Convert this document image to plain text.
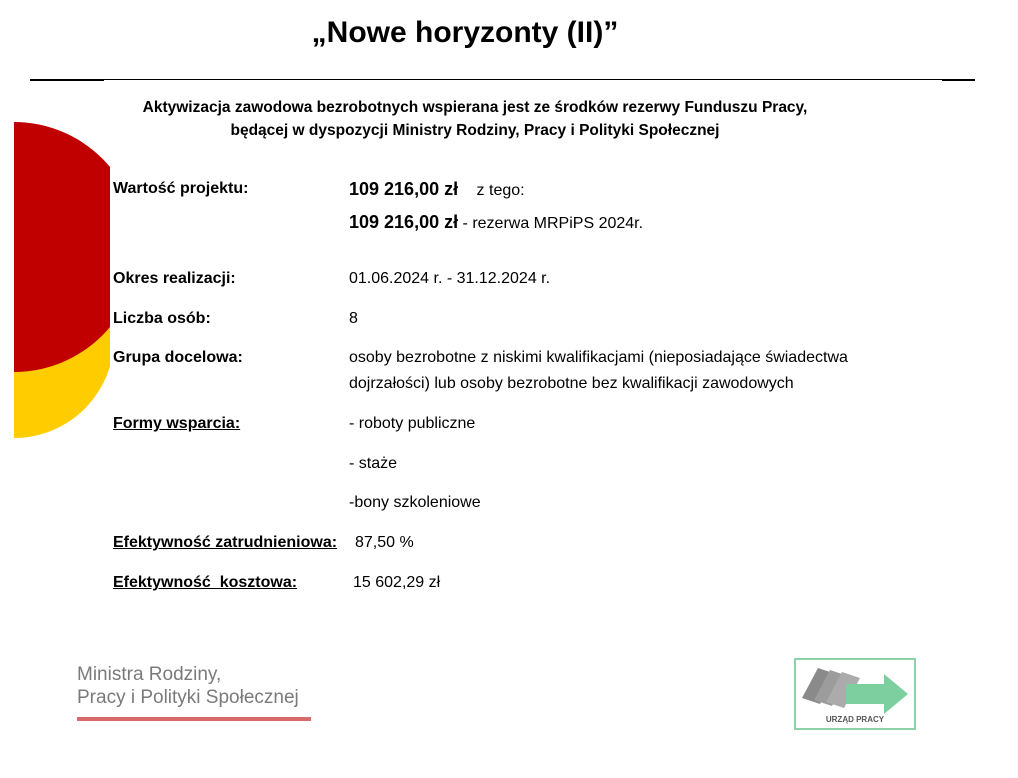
„Nowe horyzonty (II)”
Aktywizacja zawodowa bezrobotnych wspierana jest ze środków rezerwy Funduszu Pracy,
będącej w dyspozycji Ministry Rodziny, Pracy i Polityki Społecznej
Wartość projektu:	109 216,00 zł z tego:
109 216,00 zł - rezerwa MRPiPS 2024r.
Okres realizacji:	01.06.2024 r. - 31.12.2024 r.
Liczba osób:	8
Grupa docelowa:	osoby bezrobotne z niskimi kwalifikacjami (nieposiadające świadectwa
dojrzałości) lub osoby bezrobotne bez kwalifikacji zawodowych
Formy wsparcia:	- roboty publiczne
- staże
-bony szkoleniowe
Efektywność zatrudnieniowa: 87,50 %
Efektywność  kosztowa:	15 602,29 zł
Ministra Rodziny,
Pracy i Polityki Społecznej
URZĄD PRACY
